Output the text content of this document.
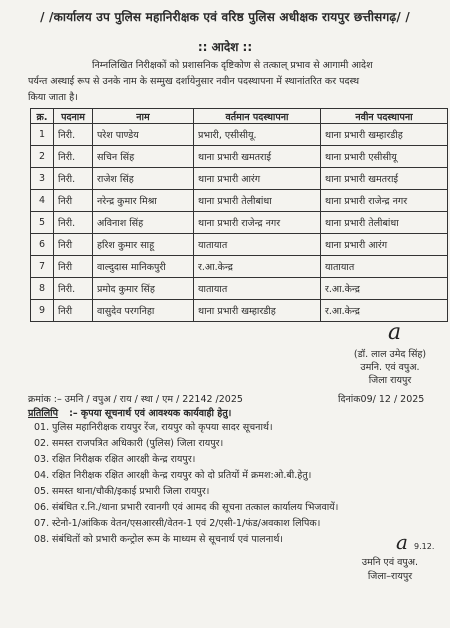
/ /कार्यालय उप पुलिस महानिरीक्षक एवं वरिष्ठ पुलिस अधीक्षक रायपुर छत्तीसगढ़/ /
:: आदेश ::
निम्नलिखित निरीक्षकों को प्रशासनिक दृष्टिकोण से तत्काल् प्रभाव से आगामी आदेश
पर्यन्त अस्थाई रूप से उनके नाम के सम्मुख दर्शायेनुसार नवीन पदस्थापना में स्थानांतरित कर पदस्थ
किया जाता है।
क्र.	पदनाम	नाम	वर्तमान पदस्थापना	नवीन पदस्थापना
1	निरी.	परेश पाण्डेय	प्रभारी, एसीसीयू.	थाना प्रभारी खम्हारडीह
2	निरी.	सचिन सिंह	थाना प्रभारी खमतराई	थाना प्रभारी एसीसीयू
3	निरी.	राजेश सिंह	थाना प्रभारी आरंग	थाना प्रभारी खमतराई
4	निरी	नरेन्द्र कुमार मिश्रा	थाना प्रभारी तेलीबांधा	थाना प्रभारी राजेन्द्र नगर
5	निरी.	अविनाश सिंह	थाना प्रभारी राजेन्द्र नगर	थाना प्रभारी तेलीबांधा
6	निरी	हरिश कुमार साहू	यातायात	थाना प्रभारी आरंग
7	निरी	वाल्दुदास मानिकपुरी	र.आ.केन्द्र	यातायात
8	निरी.	प्रमोद कुमार सिंह	यातायात	र.आ.केन्द्र
9	निरी	वासुदेव परगनिहा	थाना प्रभारी खम्हारडीह	र.आ.केन्द्र
a
(डॉ. लाल उमेद सिंह)
उमनि. एवं वपुअ.
जिला रायपुर
क्रमांक :– उमनि / वपुअ / राय / स्था / एम / 22142 /2025	दिनांक09/ 12 / 2025
प्रतिलिपि :– कृपया सूचनार्थ एवं आवश्यक कार्यवाही हेतु।
01. पुलिस महानिरीक्षक रायपुर रेंज, रायपुर को कृपया सादर सूचनार्थ।
02. समस्त राजपत्रित अधिकारी (पुलिस) जिला रायपुर।
03. रक्षित निरीक्षक रक्षित आरक्षी केन्द्र रायपुर।
04. रक्षित निरीक्षक रक्षित आरक्षी केन्द्र रायपुर को दो प्रतियों में क्रमश:ओ.बी.हेतु।
05. समस्त थाना/चौकी/इकाई प्रभारी जिला रायपुर।
06. संबंधित र.नि./थाना प्रभारी रवानगी एवं आमद की सूचना तत्काल कार्यालय भिजवायें।
07. स्टेनो-1/आंकिक वेतन/एसआरसी/वेतन-1 एवं 2/एसी-1/फंड/अवकाश लिपिक।
08. संबंधितों को प्रभारी कन्ट्रोल रूम के माध्यम से सूचनार्थ एवं पालनार्थ।	a 9.12.
उमनि एवं वपुअ.
जिला–रायपुर
